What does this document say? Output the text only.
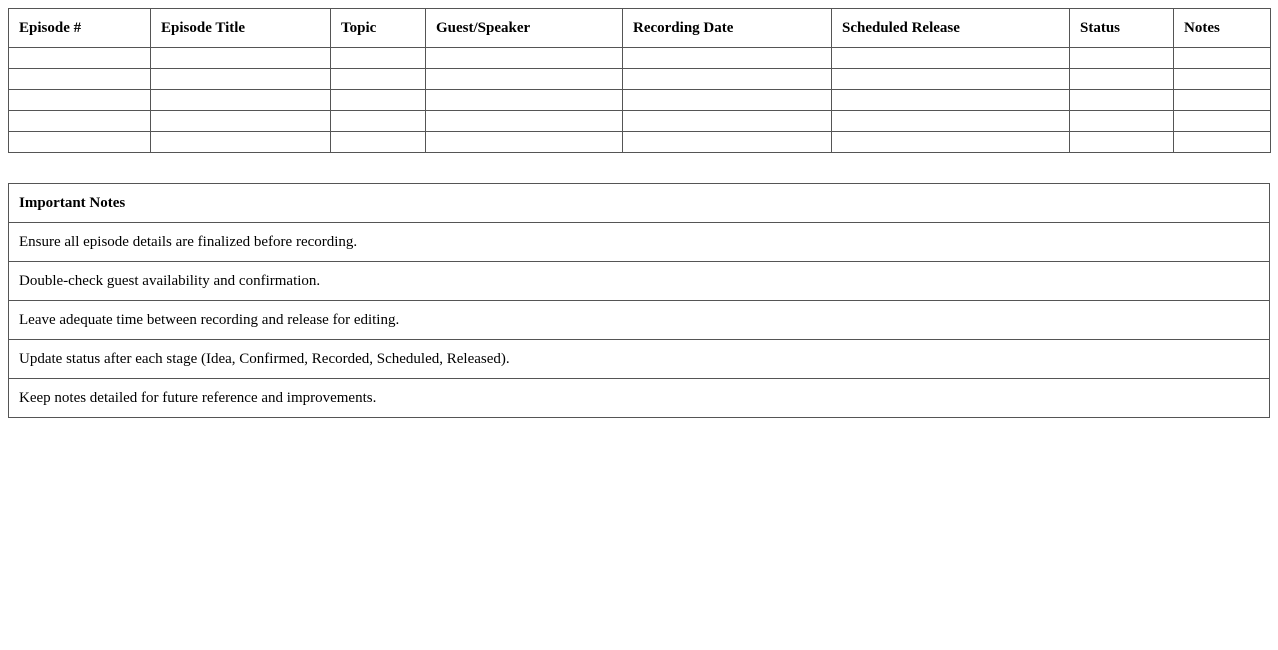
Episode #	Episode Title	Topic	Guest/Speaker	Recording Date	Scheduled Release	Status	Notes

Important Notes
Ensure all episode details are finalized before recording.
Double-check guest availability and confirmation.
Leave adequate time between recording and release for editing.
Update status after each stage (Idea, Confirmed, Recorded, Scheduled, Released).
Keep notes detailed for future reference and improvements.
